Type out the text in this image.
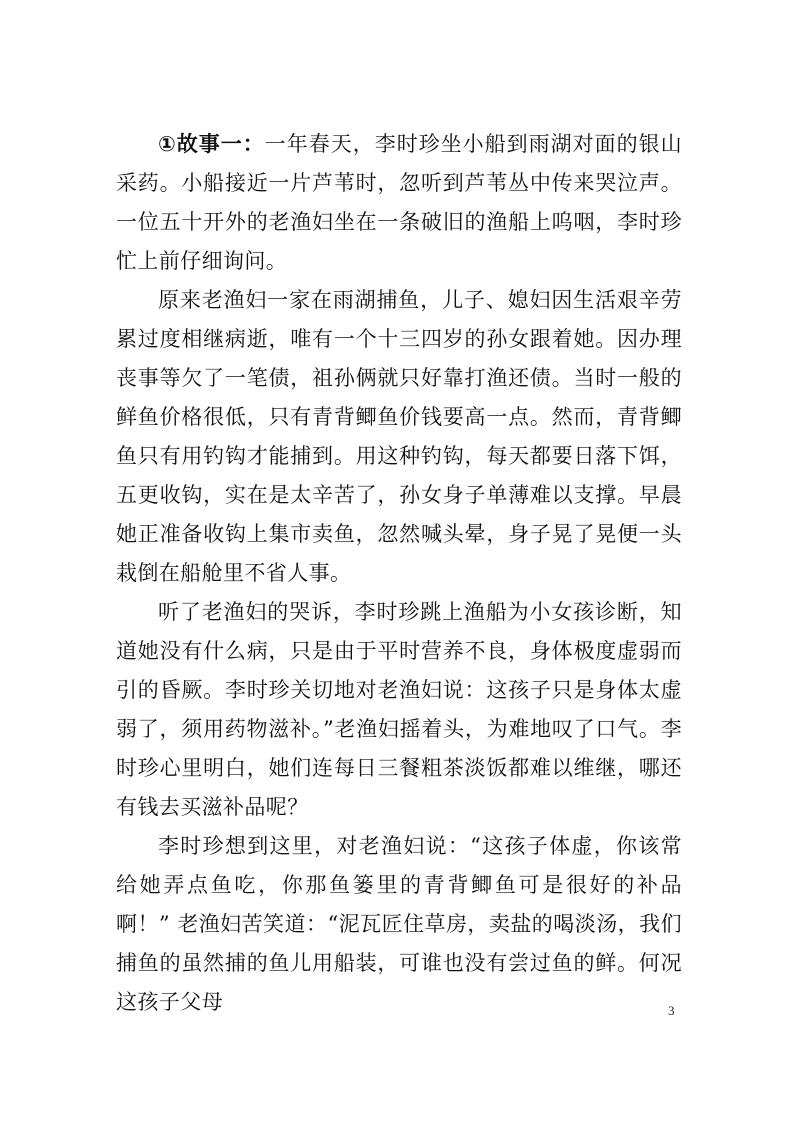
①故事一：一年春天，李时珍坐小船到雨湖对面的银山采药。小船接近一片芦苇时，忽听到芦苇丛中传来哭泣声。一位五十开外的老渔妇坐在一条破旧的渔船上呜咽，李时珍忙上前仔细询问。

原来老渔妇一家在雨湖捕鱼，儿子、媳妇因生活艰辛劳累过度相继病逝，唯有一个十三四岁的孙女跟着她。因办理丧事等欠了一笔债，祖孙俩就只好靠打渔还债。当时一般的鲜鱼价格很低，只有青背鲫鱼价钱要高一点。然而，青背鲫鱼只有用钓钩才能捕到。用这种钓钩，每天都要日落下饵，五更收钩，实在是太辛苦了，孙女身子单薄难以支撑。早晨她正准备收钩上集市卖鱼，忽然喊头晕，身子晃了晃便一头栽倒在船舱里不省人事。

听了老渔妇的哭诉，李时珍跳上渔船为小女孩诊断，知道她没有什么病，只是由于平时营养不良，身体极度虚弱而引的昏厥。李时珍关切地对老渔妇说：这孩子只是身体太虚弱了，须用药物滋补。”老渔妇摇着头，为难地叹了口气。李时珍心里明白，她们连每日三餐粗茶淡饭都难以维继，哪还有钱去买滋补品呢？

李时珍想到这里，对老渔妇说：“这孩子体虚，你该常给她弄点鱼吃，你那鱼篓里的青背鲫鱼可是很好的补品啊！” 老渔妇苦笑道：“泥瓦匠住草房，卖盐的喝淡汤，我们捕鱼的虽然捕的鱼儿用船装，可谁也没有尝过鱼的鲜。何况这孩子父母	3
